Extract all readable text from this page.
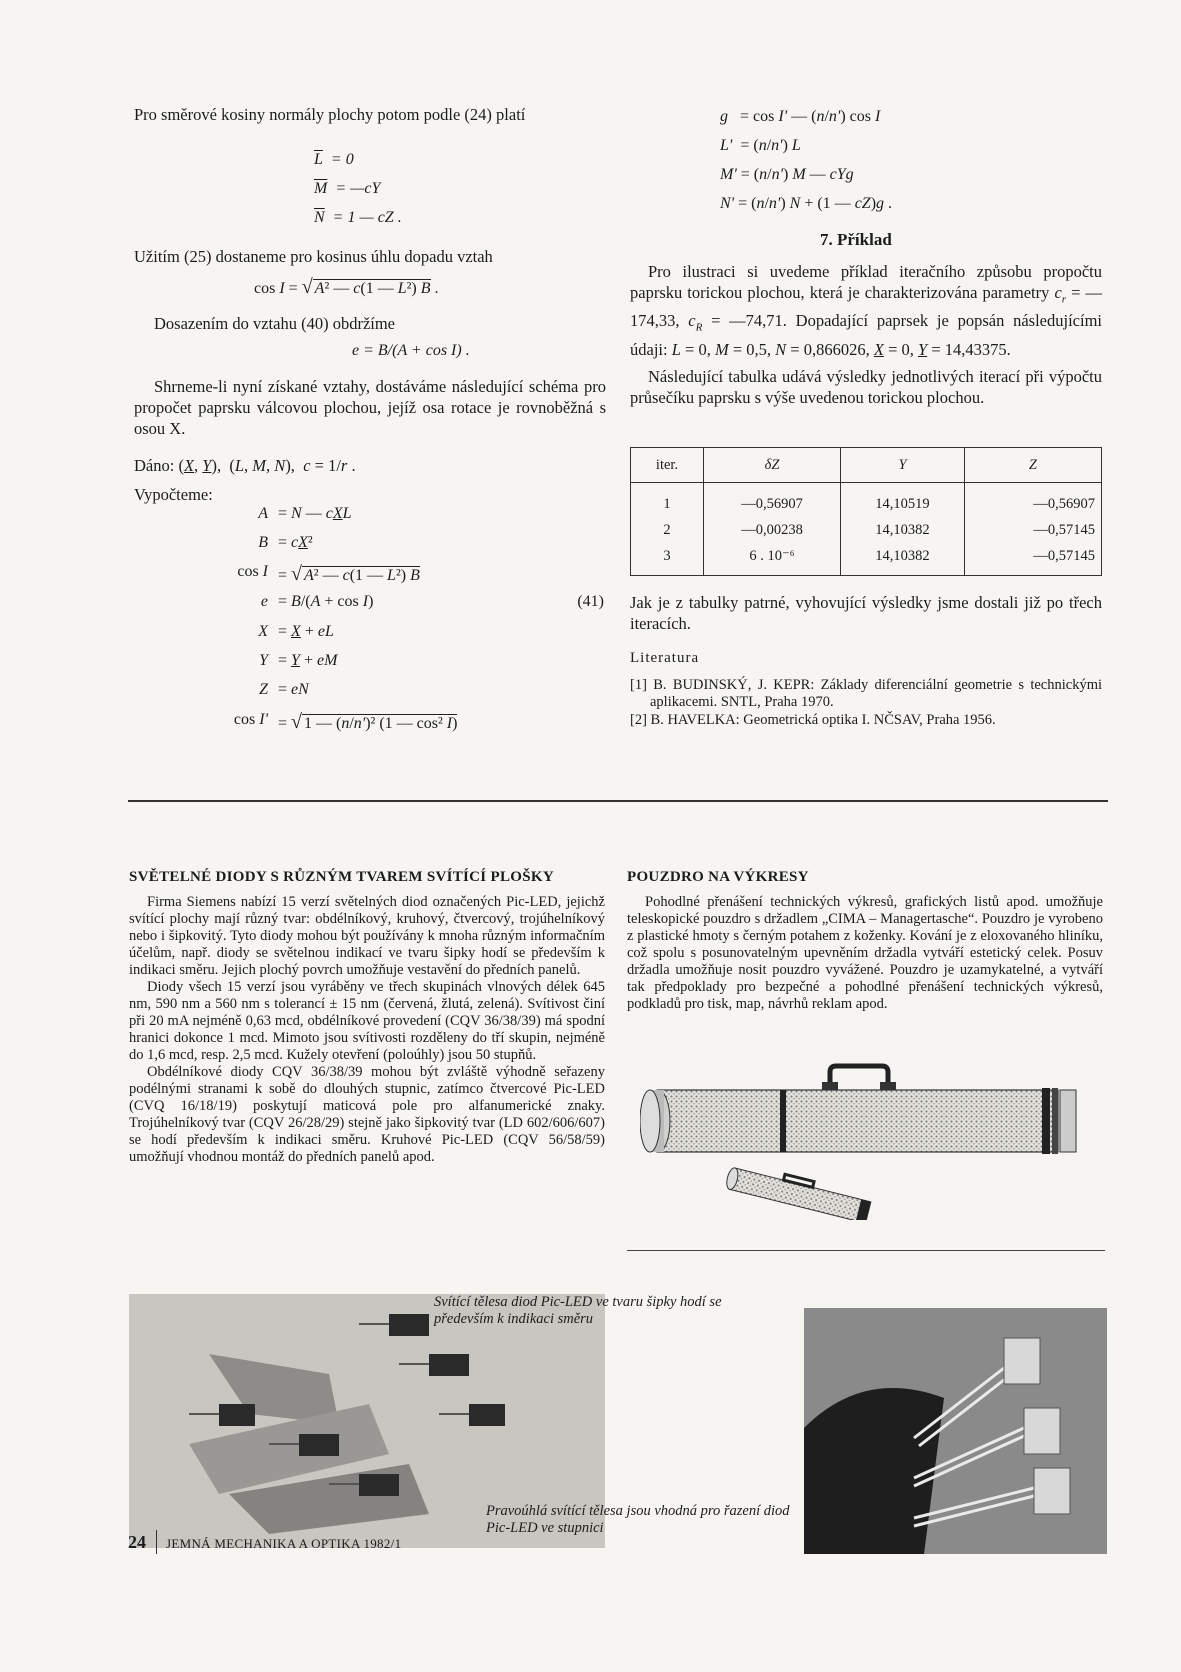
Pro směrové kosiny normály plochy potom podle (24) platí

$\overline{L} = 0$
$\overline{M}$  = —cY
$\overline{N} = 1$ — cZ .

Užitím (25) dostaneme pro kosinus úhlu dopadu vztah

cos I = √ A² — c(1 — L²) B .

Dosazením do vztahu (40) obdržíme

e = B/(A + cos I) .

Shrneme-li nyní získané vztahy, dostáváme následující schéma pro propočet paprsku válcovou plochou, jejíž osa rotace je rovnoběžná s osou X.

Dáno: (X, Y),  (L, M, N),  c = 1/r .

Vypočteme:

A = N — cXL
B = cX²
cos I = √ A² — c(1 — L²) B
e = B/(A + cos I)	(41)
X = X + eL
Y = Y + eM
Z = eN
cos I' = √ 1 — (n/n')² (1 — cos² I)
g   = cos I' — (n/n') cos I
L'  = (n/n') L
M' = (n/n') M — cYg
N' = (n/n') N + (1 — cZ)g .
7. Příklad

Pro ilustraci si uvedeme příklad iteračního způsobu propočtu paprsku torickou plochou, která je charakterizována parametry $c_r$ = —174,33, $c_R$ = —74,71. Dopadající paprsek je popsán následujícími údaji: L = 0, M = 0,5, N = 0,866026, X = 0, Y = 14,43375.

Následující tabulka udává výsledky jednotlivých iterací při výpočtu průsečíku paprsku s výše uvedenou torickou plochou.

iter.	δZ	Y	Z
1	—0,56907	14,10519	—0,56907
2	—0,00238	14,10382	—0,57145
3	6 . 10⁻⁶	14,10382	—0,57145

Jak je z tabulky patrné, vyhovující výsledky jsme dostali již po třech iteracích.

Literatura
[1] B. BUDINSKÝ, J. KEPR: Základy diferenciální geometrie s technickými aplikacemi. SNTL, Praha 1970.
[2] B. HAVELKA: Geometrická optika I. NČSAV, Praha 1956.
SVĚTELNÉ DIODY S RŮZNÝM TVAREM SVÍTÍCÍ PLOŠKY

Firma Siemens nabízí 15 verzí světelných diod označených Pic-LED, jejichž svítící plochy mají různý tvar: obdélníkový, kruhový, čtvercový, trojúhelníkový nebo i šipkovitý. Tyto diody mohou být používány k mnoha různým informačním účelům, např. diody se světelnou indikací ve tvaru šipky hodí se především k indikaci směru. Jejich plochý povrch umožňuje vestavění do předních panelů.

Diody všech 15 verzí jsou vyráběny ve třech skupinách vlnových délek 645 nm, 590 nm a 560 nm s tolerancí ± 15 nm (červená, žlutá, zelená). Svítivost činí při 20 mA nejméně 0,63 mcd, obdélníkové provedení (CQV 36/38/39) má spodní hranici dokonce 1 mcd. Mimoto jsou svítivosti rozděleny do tří skupin, nejméně do 1,6 mcd, resp. 2,5 mcd. Kužely otevření (poloúhly) jsou 50 stupňů.

Obdélníkové diody CQV 36/38/39 mohou být zvláště výhodně seřazeny podélnými stranami k sobě do dlouhých stupnic, zatímco čtvercové Pic-LED (CVQ 16/18/19) poskytují maticová pole pro alfanumerické znaky. Trojúhelníkový tvar (CQV 26/28/29) stejně jako šipkovitý tvar (LD 602/606/607) se hodí především k indikaci směru. Kruhové Pic-LED (CQV 56/58/59) umožňují vhodnou montáž do předních panelů apod.

POUZDRO NA VÝKRESY

Pohodlné přenášení technických výkresů, grafických listů apod. umožňuje teleskopické pouzdro s držadlem „CIMA – Managertasche“. Pouzdro je vyrobeno z plastické hmoty s černým potahem z koženky. Kování je z eloxovaného hliníku, což spolu s posunovatelným upevněním držadla vytváří estetický celek. Posuv držadla umožňuje nosit pouzdro vyvážené. Pouzdro je uzamykatelné, a vytváří tak předpoklady pro bezpečné a pohodlné přenášení technických výkresů, podkladů pro tisk, map, návrhů reklam apod.

Svítící tělesa diod Pic-LED ve tvaru šipky hodí se především k indikaci směru
Pravoúhlá svítící tělesa jsou vhodná pro řazení diod Pic-LED ve stupnici
24 JEMNÁ MECHANIKA A OPTIKA 1982/1
